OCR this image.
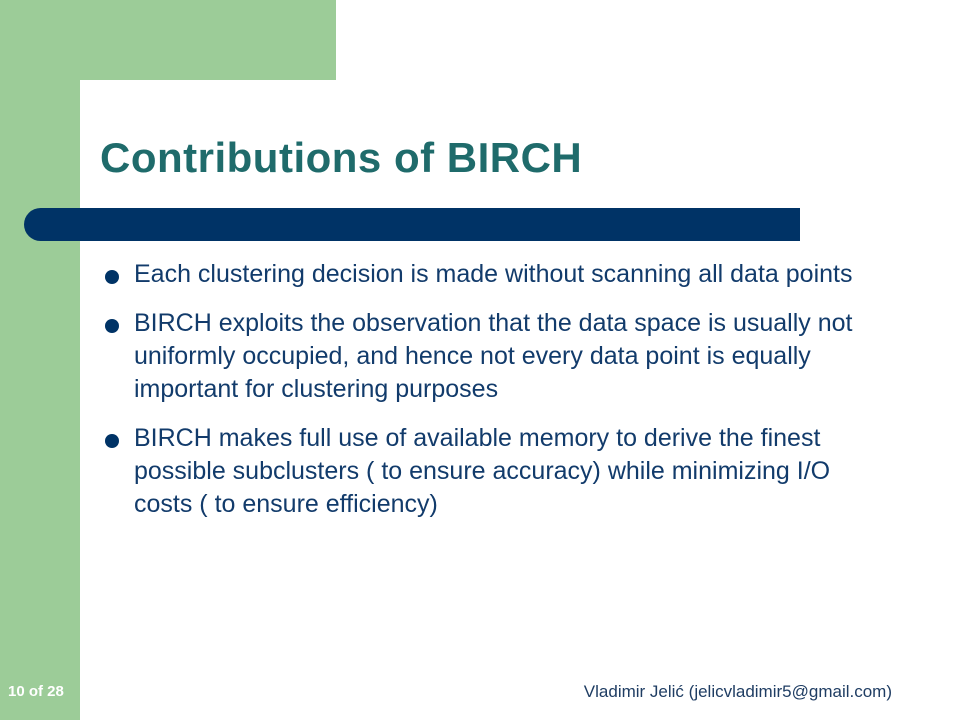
Contributions of BIRCH
Each clustering decision is made without scanning all data points
BIRCH exploits the observation that the data space is usually not uniformly occupied, and hence not every data point is equally important for clustering purposes
BIRCH makes full use of available memory to derive the finest possible subclusters ( to ensure accuracy) while minimizing I/O costs ( to ensure efficiency)
10 of 28	Vladimir Jelić (jelicvladimir5@gmail.com)
